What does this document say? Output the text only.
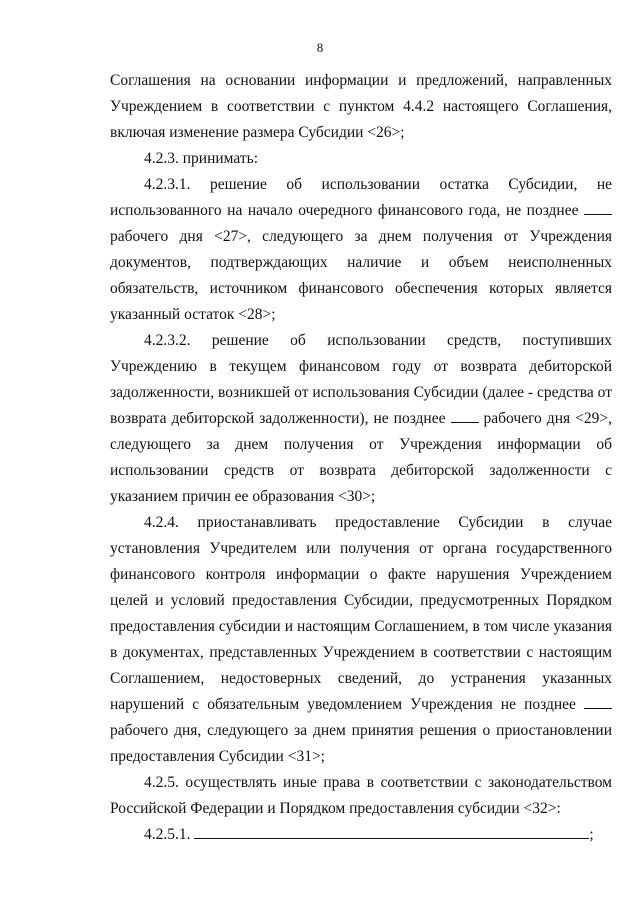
8

Соглашения на основании информации и предложений, направленных Учреждением в соответствии с пунктом 4.4.2 настоящего Соглашения, включая изменение размера Субсидии <26>;

4.2.3. принимать:

4.2.3.1. решение об использовании остатка Субсидии, не использованного на начало очередного финансового года, не позднее  рабочего дня <27>, следующего за днем получения от Учреждения документов, подтверждающих наличие и объем неисполненных обязательств, источником финансового обеспечения которых является указанный остаток <28>;

4.2.3.2. решение об использовании средств, поступивших Учреждению в текущем финансовом году от возврата дебиторской задолженности, возникшей от использования Субсидии (далее - средства от возврата дебиторской задолженности), не позднее рабочего дня <29>, следующего за днем получения от Учреждения информации об использовании средств от возврата дебиторской задолженности с указанием причин ее образования <30>;

4.2.4. приостанавливать предоставление Субсидии в случае установления Учредителем или получения от органа государственного финансового контроля информации о факте нарушения Учреждением целей и условий предоставления Субсидии, предусмотренных Порядком предоставления субсидии и настоящим Соглашением, в том числе указания в документах, представленных Учреждением в соответствии с настоящим Соглашением, недостоверных сведений, до устранения указанных нарушений с обязательным уведомлением Учреждения не позднее  рабочего дня, следующего за днем принятия решения о приостановлении предоставления Субсидии <31>;

4.2.5. осуществлять иные права в соответствии с законодательством Российской Федерации и Порядком предоставления субсидии <32>:

4.2.5.1.	;
